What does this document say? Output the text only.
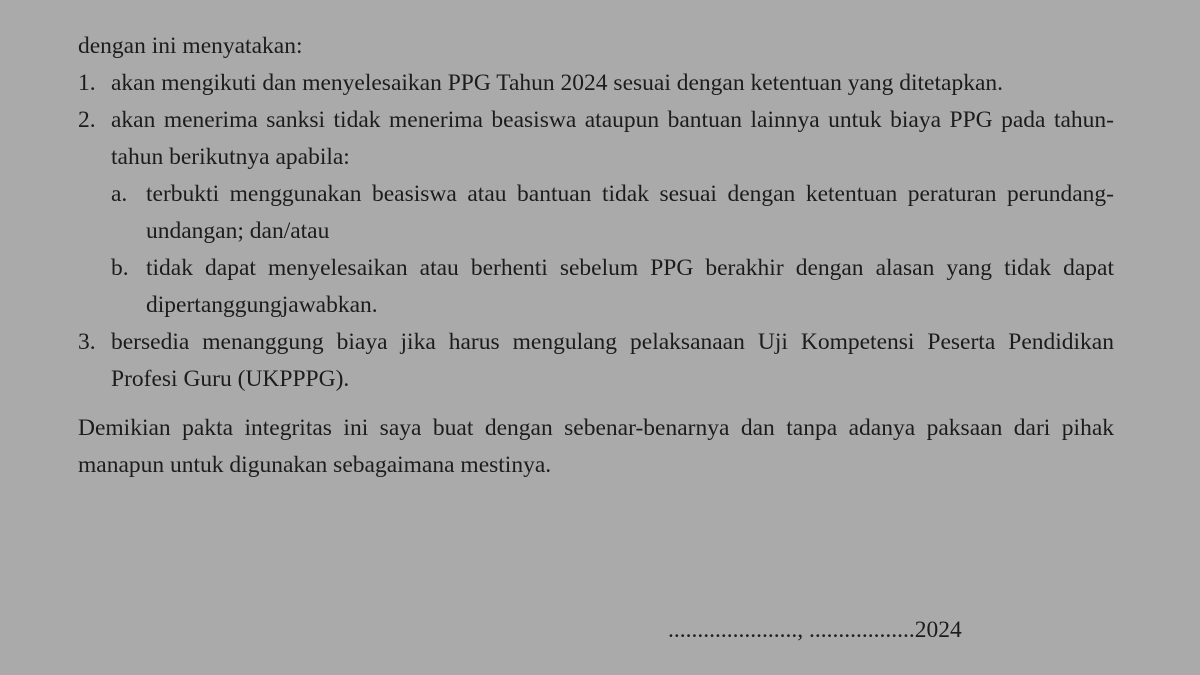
dengan ini menyatakan:

1. akan mengikuti dan menyelesaikan PPG Tahun 2024 sesuai dengan ketentuan yang ditetapkan.
2. akan menerima sanksi tidak menerima beasiswa ataupun bantuan lainnya untuk biaya PPG pada tahun-tahun berikutnya apabila:
a. terbukti menggunakan beasiswa atau bantuan tidak sesuai dengan ketentuan peraturan perundang-undangan; dan/atau
b. tidak dapat menyelesaikan atau berhenti sebelum PPG berakhir dengan alasan yang tidak dapat dipertanggungjawabkan.
3. bersedia menanggung biaya jika harus mengulang pelaksanaan Uji Kompetensi Peserta Pendidikan Profesi Guru (UKPPPG).

Demikian pakta integritas ini saya buat dengan sebenar-benarnya dan tanpa adanya paksaan dari pihak manapun untuk digunakan sebagaimana mestinya.

......................, ..................2024
